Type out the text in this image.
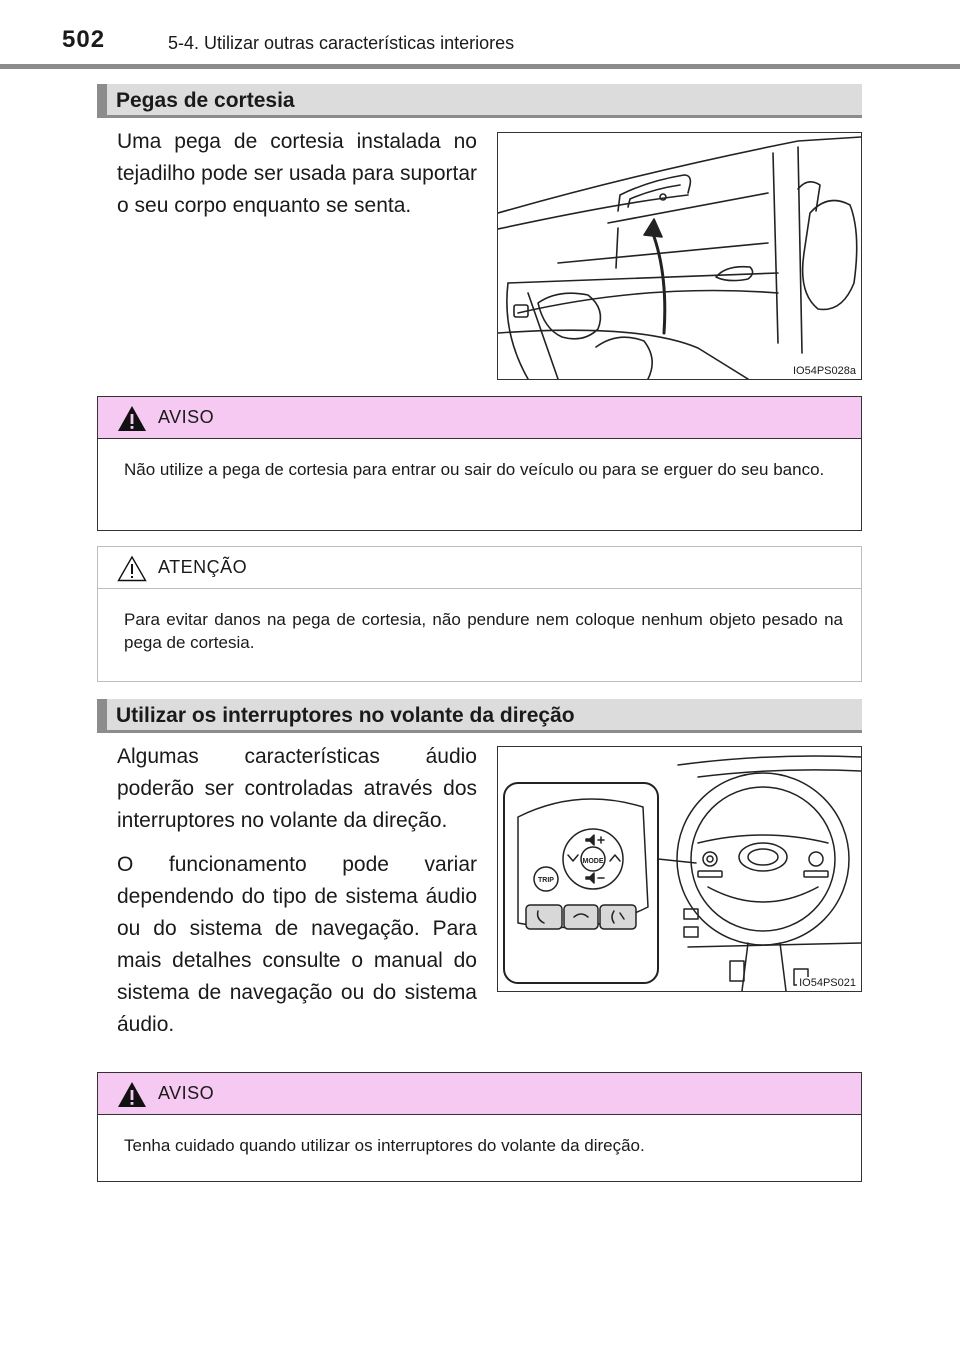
502	5-4. Utilizar outras características interiores
Pegas de cortesia

Uma pega de cortesia instalada no tejadilho pode ser usada para suportar o seu corpo enquanto se senta.

IO54PS028a
AVISO
Não utilize a pega de cortesia para entrar ou sair do veículo ou para se erguer do seu banco.
ATENÇÃO
Para evitar danos na pega de cortesia, não pendure nem coloque nenhum objeto pesado na pega de cortesia.
Utilizar os interruptores no volante da direção

Algumas características áudio poderão ser controladas através dos interruptores no volante da direção.

O funcionamento pode variar dependendo do tipo de sistema áudio ou do sistema de navegação. Para mais detalhes consulte o manual do sistema de navegação ou do sistema áudio.

MODE
TRIP
IO54PS021
AVISO
Tenha cuidado quando utilizar os interruptores do volante da direção.
